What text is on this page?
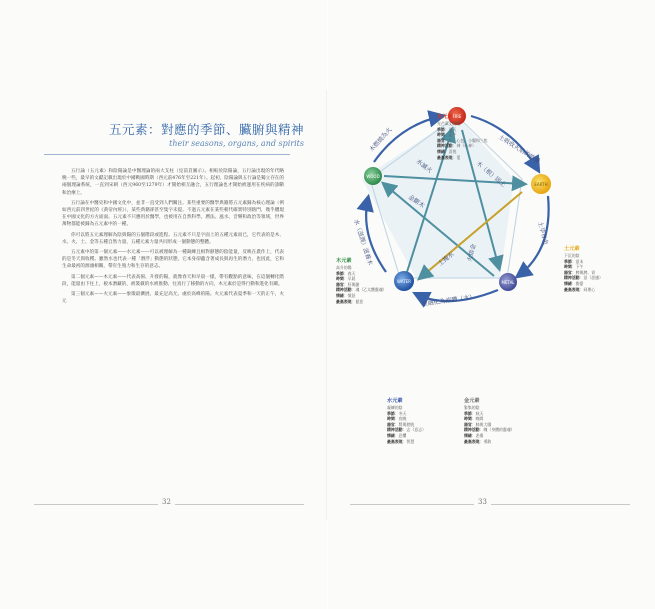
五元素：對應的季節、臟腑與精神
their seasons, organs, and spirits

五行論（五元素）和陰陽論是中醫理論的兩大支柱（見前頁圖示）。相較於陰陽論，五行論出現的年代略晚一些，最早的文獻記載出現於中國戰國時期（西元前476年至221年）。起初，陰陽論與五行論是獨立存在的兩個理論系統，一直到宋朝（西元960至1279年）才開始相互融合，五行理論也才開始被運用在疾病的診斷和治療上。

五行論在中醫史和中國文化中，並非一直受到人們關注。某些重要的醫學典籍將五元素歸為核心理論（例如西元前四世紀的《黃帝內經》），某些典籍卻甚至隻字未提。不過五元素在某些朝代確實特別熱門，幾乎體現在中國文化的方方面面。五元素不只應用於醫學，也被用在自然科學、曆法、風水、音樂和政治等領域，世界萬物都能被歸為五元素中的一種。

你可以將五元素理解為陰與陽的五個階段或進程。五元素不只是字面上的五種元素而已，它代表的是木、水、火、土、金等五種自然力量，五種元素力量共同形成一個動態的整體。

五元素中的第一個元素——水元素——可以被理解為一種凝練且相對靜態的陰能量，反映在農作上，代表的是冬天與收穫。雖然水也代表一種「潛浮」動態的狀態，它本身卻蘊含著成長與再生的潛力，也因此，它和生命最初的源頭相關，帶有生殖力和生存的意志。

第二個元素——木元素——代表高揚、升發的陽，就像春天和早晨一樣，帶有觀點的意味，在這個轉化階段，能量由下往上，板本潛藏的，被裝載的水被推動、往真行了移動的方向，木元素於是得行動和進化有關。

第三個元素——火元素——象徵最擴展、最充足高尤、處於高峰的陽。火元素代表夏季和一天的正午，火元

32	33
FIRE
EARTH
METAL
WATER
WOOD
土吸收火焰的能量
土孕育金
金融化為液體（水）
水（滋潤）滋養木
木燃燒為火
水滅火
火熔金
金斷木
木（根）固土
土掩水
火元素
光芒萬丈的陽
季節：夏天
時間：正午
器官：心、心包、小腸和三焦
精神活動：神（心神）
情緒：喜悅
最高表現：愛
土元素
下沉的陰
季節：夏末
時間：下午
器官：脾與脾、胃
精神活動：意（思慮）
情緒：擔憂
最高表現：同理心
木元素
高升的陽
季節：春天
時間：早晨
器官：肝與膽
精神活動：魂（乙太體靈魂）
情緒：憤怒
最高表現：慈悲
水元素
凝練的陰
季節：冬天
時間：夜晚
器官：腎與膀胱
精神活動：志（意志）
情緒：恐懼
最高表現：智慧
金元素
緊集的陰
季節：秋天
時間：晚間
器官：肺與大腸
精神活動：魄（身體的靈魂）
情緒：悲傷
最高表現：勇敢
